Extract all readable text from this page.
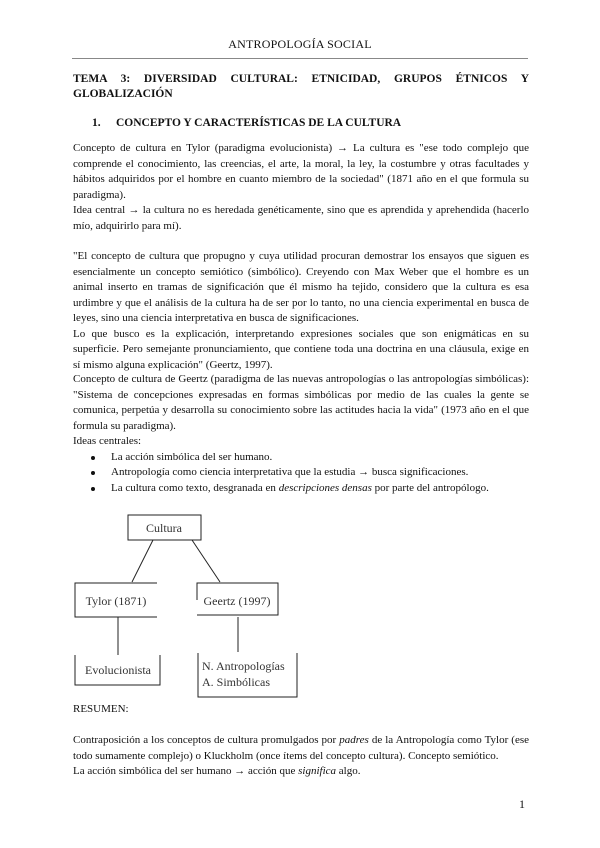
ANTROPOLOGÍA SOCIAL
TEMA 3: DIVERSIDAD CULTURAL: ETNICIDAD, GRUPOS ÉTNICOS Y GLOBALIZACIÓN
1. CONCEPTO Y CARACTERÍSTICAS DE LA CULTURA

Concepto de cultura en Tylor (paradigma evolucionista) → La cultura es "ese todo complejo que comprende el conocimiento, las creencias, el arte, la moral, la ley, la costumbre y otras facultades y hábitos adquiridos por el hombre en cuanto miembro de la sociedad" (1871 año en el que formula su paradigma).

Idea central → la cultura no es heredada genéticamente, sino que es aprendida y aprehendida (hacerlo mío, adquirirlo para mí).

"El concepto de cultura que propugno y cuya utilidad procuran demostrar los ensayos que siguen es esencialmente un concepto semiótico (simbólico). Creyendo con Max Weber que el hombre es un animal inserto en tramas de significación que él mismo ha tejido, considero que la cultura es esa urdimbre y que el análisis de la cultura ha de ser por lo tanto, no una ciencia experimental en busca de leyes, sino una ciencia interpretativa en busca de significaciones.

Lo que busco es la explicación, interpretando expresiones sociales que son enigmáticas en su superficie. Pero semejante pronunciamiento, que contiene toda una doctrina en una cláusula, exige en sí mismo alguna explicación" (Geertz, 1997).

Concepto de cultura de Geertz (paradigma de las nuevas antropologías o las antropologías simbólicas): "Sistema de concepciones expresadas en formas simbólicas por medio de las cuales la gente se comunica, perpetúa y desarrolla su conocimiento sobre las actitudes hacia la vida" (1973 año en el que formula su paradigma).

Ideas centrales:

La acción simbólica del ser humano.
Antropología como ciencia interpretativa que la estudia → busca significaciones.
La cultura como texto, desgranada en descripciones densas por parte del antropólogo.
Cultura
Tylor (1871)	Geertz (1997)
Evolucionista	N. Antropologías
A. Simbólicas
RESUMEN:

Contraposición a los conceptos de cultura promulgados por padres de la Antropología como Tylor (ese todo sumamente complejo) o Kluckholm (once ítems del concepto cultura). Concepto semiótico.

La acción simbólica del ser humano → acción que significa algo.

1
